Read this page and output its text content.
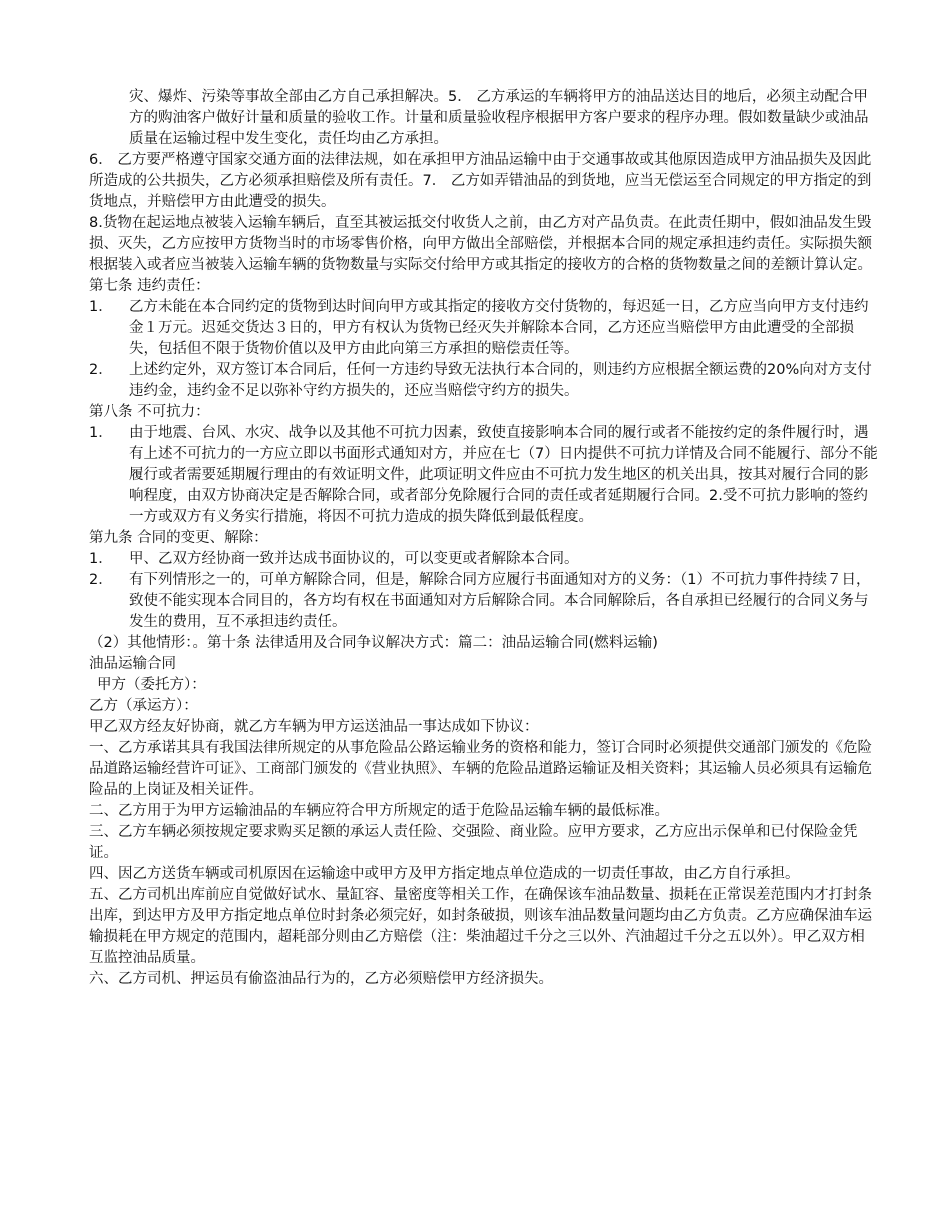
灾、爆炸、污染等事故全部由乙方自己承担解决。5． 乙方承运的车辆将甲方的油品送达目的地后，必须主动配合甲方的购油客户做好计量和质量的验收工作。计量和质量验收程序根据甲方客户要求的程序办理。假如数量缺少或油品质量在运输过程中发生变化，责任均由乙方承担。

6． 乙方要严格遵守国家交通方面的法律法规，如在承担甲方油品运输中由于交通事故或其他原因造成甲方油品损失及因此所造成的公共损失，乙方必须承担赔偿及所有责任。7． 乙方如弄错油品的到货地，应当无偿运至合同规定的甲方指定的到货地点，并赔偿甲方由此遭受的损失。

8.货物在起运地点被装入运输车辆后，直至其被运抵交付收货人之前，由乙方对产品负责。在此责任期中，假如油品发生毁损、灭失，乙方应按甲方货物当时的市场零售价格，向甲方做出全部赔偿，并根据本合同的规定承担违约责任。实际损失额根据装入或者应当被装入运输车辆的货物数量与实际交付给甲方或其指定的接收方的合格的货物数量之间的差额计算认定。

第七条 违约责任：

1．	乙方未能在本合同约定的货物到达时间向甲方或其指定的接收方交付货物的，每迟延一日，乙方应当向甲方支付违约金１万元。迟延交货达３日的，甲方有权认为货物已经灭失并解除本合同，乙方还应当赔偿甲方由此遭受的全部损失，包括但不限于货物价值以及甲方由此向第三方承担的赔偿责任等。
2．	上述约定外，双方签订本合同后，任何一方违约导致无法执行本合同的，则违约方应根据全额运费的20%向对方支付违约金，违约金不足以弥补守约方损失的，还应当赔偿守约方的损失。

第八条 不可抗力：

1．	由于地震、台风、水灾、战争以及其他不可抗力因素，致使直接影响本合同的履行或者不能按约定的条件履行时，遇有上述不可抗力的一方应立即以书面形式通知对方，并应在七（7）日内提供不可抗力详情及合同不能履行、部分不能履行或者需要延期履行理由的有效证明文件，此项证明文件应由不可抗力发生地区的机关出具，按其对履行合同的影响程度，由双方协商决定是否解除合同，或者部分免除履行合同的责任或者延期履行合同。2.受不可抗力影响的签约一方或双方有义务实行措施，将因不可抗力造成的损失降低到最低程度。

第九条 合同的变更、解除：

1．	甲、乙双方经协商一致并达成书面协议的，可以变更或者解除本合同。
2．	有下列情形之一的，可单方解除合同，但是，解除合同方应履行书面通知对方的义务：（1）不可抗力事件持续７日，致使不能实现本合同目的，各方均有权在书面通知对方后解除合同。本合同解除后，各自承担已经履行的合同义务与发生的费用，互不承担违约责任。

（2）其他情形：。第十条 法律适用及合同争议解决方式：篇二：油品运输合同(燃料运输)

油品运输合同

甲方（委托方）：

乙方（承运方）：

甲乙双方经友好协商，就乙方车辆为甲方运送油品一事达成如下协议：

一、乙方承诺其具有我国法律所规定的从事危险品公路运输业务的资格和能力，签订合同时必须提供交通部门颁发的《危险品道路运输经营许可证》、工商部门颁发的《营业执照》、车辆的危险品道路运输证及相关资料；其运输人员必须具有运输危险品的上岗证及相关证件。

二、乙方用于为甲方运输油品的车辆应符合甲方所规定的适于危险品运输车辆的最低标准。

三、乙方车辆必须按规定要求购买足额的承运人责任险、交强险、商业险。应甲方要求，乙方应出示保单和已付保险金凭证。

四、因乙方送货车辆或司机原因在运输途中或甲方及甲方指定地点单位造成的一切责任事故，由乙方自行承担。

五、乙方司机出库前应自觉做好试水、量缸容、量密度等相关工作，在确保该车油品数量、损耗在正常误差范围内才打封条出库，到达甲方及甲方指定地点单位时封条必须完好，如封条破损，则该车油品数量问题均由乙方负责。乙方应确保油车运输损耗在甲方规定的范围内，超耗部分则由乙方赔偿（注：柴油超过千分之三以外、汽油超过千分之五以外）。甲乙双方相互监控油品质量。

六、乙方司机、押运员有偷盗油品行为的，乙方必须赔偿甲方经济损失。
